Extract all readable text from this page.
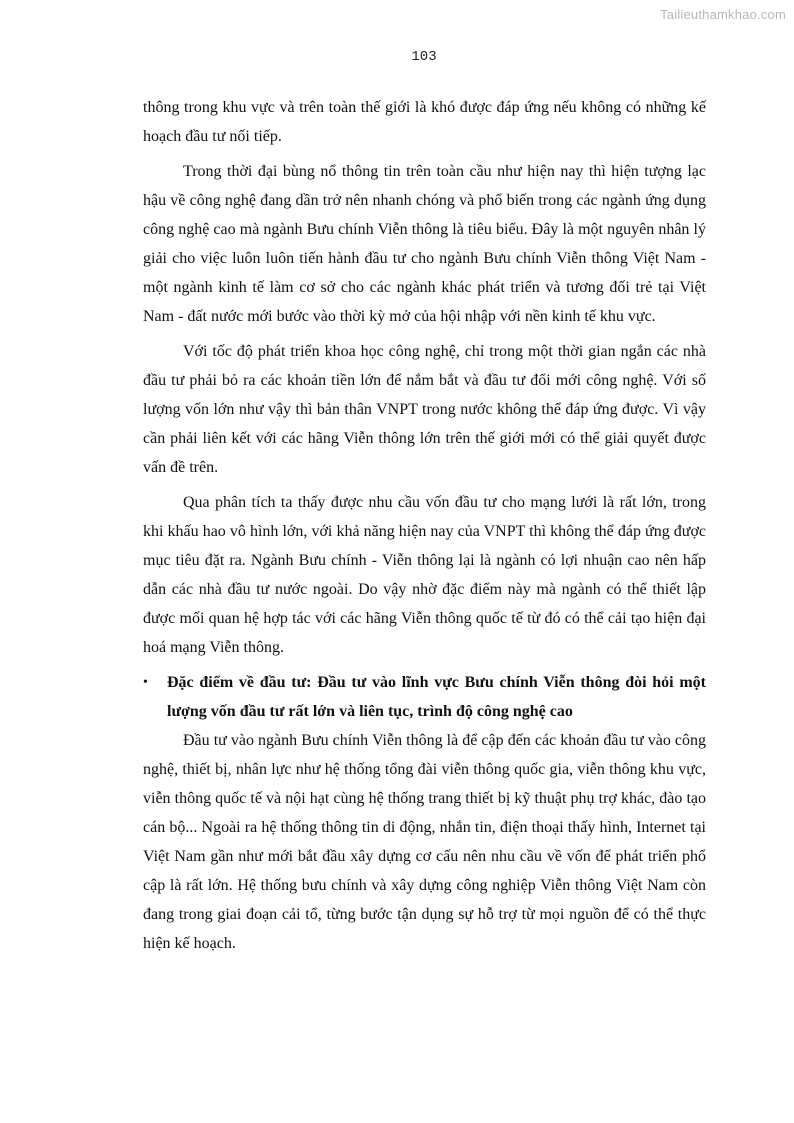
Tailieuthamkhao.com
103

thông trong khu vực và trên toàn thế giới là khó được đáp ứng nếu không có những kế hoạch đầu tư nối tiếp.

Trong thời đại bùng nổ thông tin trên toàn cầu như hiện nay thì hiện tượng lạc hậu về công nghệ đang dần trở nên nhanh chóng và phổ biến trong các ngành ứng dụng công nghệ cao mà ngành Bưu chính Viễn thông là tiêu biểu. Đây là một nguyên nhân lý giải cho việc luôn luôn tiến hành đầu tư cho ngành Bưu chính Viễn thông Việt Nam - một ngành kinh tế làm cơ sở cho các ngành khác phát triển và tương đối trẻ tại Việt Nam - đất nước mới bước vào thời kỳ mở của hội nhập với nền kinh tế khu vực.

Với tốc độ phát triển khoa học công nghệ, chỉ trong một thời gian ngắn các nhà đầu tư phải bỏ ra các khoản tiền lớn để nắm bắt và đầu tư đổi mới công nghệ. Với số lượng vốn lớn như vậy thì bản thân VNPT trong nước không thể đáp ứng được. Vì vậy cần phải liên kết với các hãng Viễn thông lớn trên thế giới mới có thể giải quyết được vấn đề trên.

Qua phân tích ta thấy được nhu cầu vốn đầu tư cho mạng lưới là rất lớn, trong khi khấu hao vô hình lớn, với khả năng hiện nay của VNPT thì không thể đáp ứng được mục tiêu đặt ra. Ngành Bưu chính - Viễn thông lại là ngành có lợi nhuận cao nên hấp dẫn các nhà đầu tư nước ngoài. Do vậy nhờ đặc điểm này mà ngành có thể thiết lập được mối quan hệ hợp tác với các hãng Viễn thông quốc tế từ đó có thể cải tạo hiện đại hoá mạng Viễn thông.

• Đặc điểm về đầu tư: Đầu tư vào lĩnh vực Bưu chính Viễn thông đòi hỏi một lượng vốn đầu tư rất lớn và liên tục, trình độ công nghệ cao

Đầu tư vào ngành Bưu chính Viễn thông là để cập đến các khoản đầu tư vào công nghệ, thiết bị, nhân lực như hệ thống tổng đài viễn thông quốc gia, viễn thông khu vực, viễn thông quốc tế và nội hạt cùng hệ thống trang thiết bị kỹ thuật phụ trợ khác, đào tạo cán bộ... Ngoài ra hệ thống thông tin di động, nhắn tin, điện thoại thấy hình, Internet tại Việt Nam gần như mới bắt đầu xây dựng cơ cấu nên nhu cầu về vốn để phát triển phổ cập là rất lớn. Hệ thống bưu chính và xây dựng công nghiệp Viễn thông Việt Nam còn đang trong giai đoạn cải tổ, từng bước tận dụng sự hỗ trợ từ mọi nguồn để có thể thực hiện kế hoạch.
